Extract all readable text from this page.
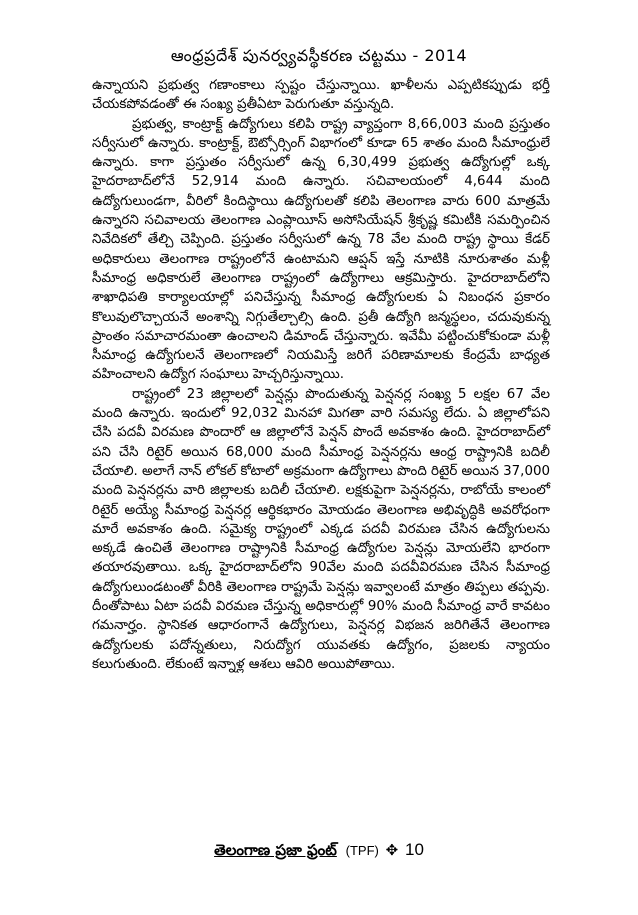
ఆంధ్రప్రదేశ్ పునర్వ్యవస్థీకరణ చట్టము - 2014

ఉన్నాయని ప్రభుత్వ గణాంకాలు స్పష్టం చేస్తున్నాయి. ఖాళీలను ఎప్పటికప్పుడు భర్తీ చేయకపోవడంతో ఈ సంఖ్య ప్రతీఏటా పెరుగుతూ వస్తున్నది.

ప్రభుత్వ, కాంట్రాక్ట్ ఉద్యోగులు కలిపి రాష్ట్ర వ్యాప్తంగా 8,66,003 మంది ప్రస్తుతం సర్వీసులో ఉన్నారు. కాంట్రాక్ట్, ఔట్సోర్సింగ్ విభాగంలో కూడా 65 శాతం మంది సీమాంధ్రులే ఉన్నారు. కాగా ప్రస్తుతం సర్వీసులో ఉన్న 6,30,499 ప్రభుత్వ ఉద్యోగుల్లో ఒక్క హైదరాబాద్‌లోనే 52,914 మంది ఉన్నారు. సచివాలయంలో 4,644 మంది ఉద్యోగులుండగా, వీరిలో కిందిస్థాయి ఉద్యోగులతో కలిపి తెలంగాణ వారు 600 మాత్రమే ఉన్నారని సచివాలయ తెలంగాణ ఎంప్లాయీస్ అసోసియేషన్ శ్రీకృష్ణ కమిటీకి సమర్పించిన నివేదికలో తేల్చి చెప్పింది. ప్రస్తుతం సర్వీసులో ఉన్న 78 వేల మంది రాష్ట్ర స్థాయి కేడర్ అధికారులు తెలంగాణ రాష్ట్రంలోనే ఉంటామని ఆప్షన్ ఇస్తే నూటికి నూరుశాతం మళ్లీ సీమాంధ్ర అధికారులే తెలంగాణ రాష్ట్రంలో ఉద్యోగాలు ఆక్రమిస్తారు. హైదరాబాద్‌లోని శాఖాధిపతి కార్యాలయాల్లో పనిచేస్తున్న సీమాంధ్ర ఉద్యోగులకు ఏ నిబంధన ప్రకారం కొలువులొచ్చాయనే అంశాన్ని నిగ్గుతేల్చాల్సి ఉంది. ప్రతీ ఉద్యోగి జన్మస్థలం, చదువుకున్న ప్రాంతం సమాచారమంతా ఉంచాలని డిమాండ్ చేస్తున్నారు. ఇవేమీ పట్టించుకోకుండా మళ్లీ సీమాంధ్ర ఉద్యోగులనే తెలంగాణలో నియమిస్తే జరిగే పరిణామాలకు కేంద్రమే బాధ్యత వహించాలని ఉద్యోగ సంఘాలు హెచ్చరిస్తున్నాయి.

రాష్ట్రంలో 23 జిల్లాలలో పెన్షన్లు పొందుతున్న పెన్షనర్ల సంఖ్య 5 లక్షల 67 వేల మంది ఉన్నారు. ఇందులో 92,032 మినహా మిగతా వారి సమస్య లేదు. ఏ జిల్లాలోపని చేసి పదవీ విరమణ పొందారో ఆ జిల్లాలోనే పెన్షన్ పొందే అవకాశం ఉంది. హైదరాబాద్‌లో పని చేసి రిటైర్ అయిన 68,000 మంది సీమాంధ్ర పెన్షనర్లను ఆంధ్ర రాష్ట్రానికి బదిలీ చేయాలి. అలాగే నాన్ లోకల్ కోటాలో అక్రమంగా ఉద్యోగాలు పొంది రిటైర్ అయిన 37,000 మంది పెన్షనర్లను వారి జిల్లాలకు బదిలీ చేయాలి. లక్షకుపైగా పెన్షనర్లను, రాబోయే కాలంలో రిటైర్ అయ్యే సీమాంధ్ర పెన్షనర్ల ఆర్థికభారం మోయడం తెలంగాణ అభివృద్ధికి అవరోధంగా మారే అవకాశం ఉంది. సమైక్య రాష్ట్రంలో ఎక్కడ పదవీ విరమణ చేసిన ఉద్యోగులను అక్కడే ఉంచితే తెలంగాణ రాష్ట్రానికి సీమాంధ్ర ఉద్యోగుల పెన్షన్లు మోయలేని భారంగా తయారవుతాయి. ఒక్క హైదరాబాద్‌లోని 90వేల మంది పదవీవిరమణ చేసిన సీమాంధ్ర ఉద్యోగులుండటంతో వీరికి తెలంగాణ రాష్ట్రమే పెన్షన్లు ఇవ్వాలంటే మాత్రం తిప్పలు తప్పవు. దీంతోపాటు ఏటా పదవీ విరమణ చేస్తున్న అధికారుల్లో 90% మంది సీమాంధ్ర వారే కావటం గమనార్హం. స్థానికత ఆధారంగానే ఉద్యోగులు, పెన్షనర్ల విభజన జరిగితేనే తెలంగాణ ఉద్యోగులకు పదోన్నతులు, నిరుద్యోగ యువతకు ఉద్యోగం, ప్రజలకు న్యాయం కలుగుతుంది. లేకుంటే ఇన్నాళ్ల ఆశలు ఆవిరి అయిపోతాయి.

తెలంగాణ ప్రజా ఫ్రంట్ (TPF) ✥ 10
